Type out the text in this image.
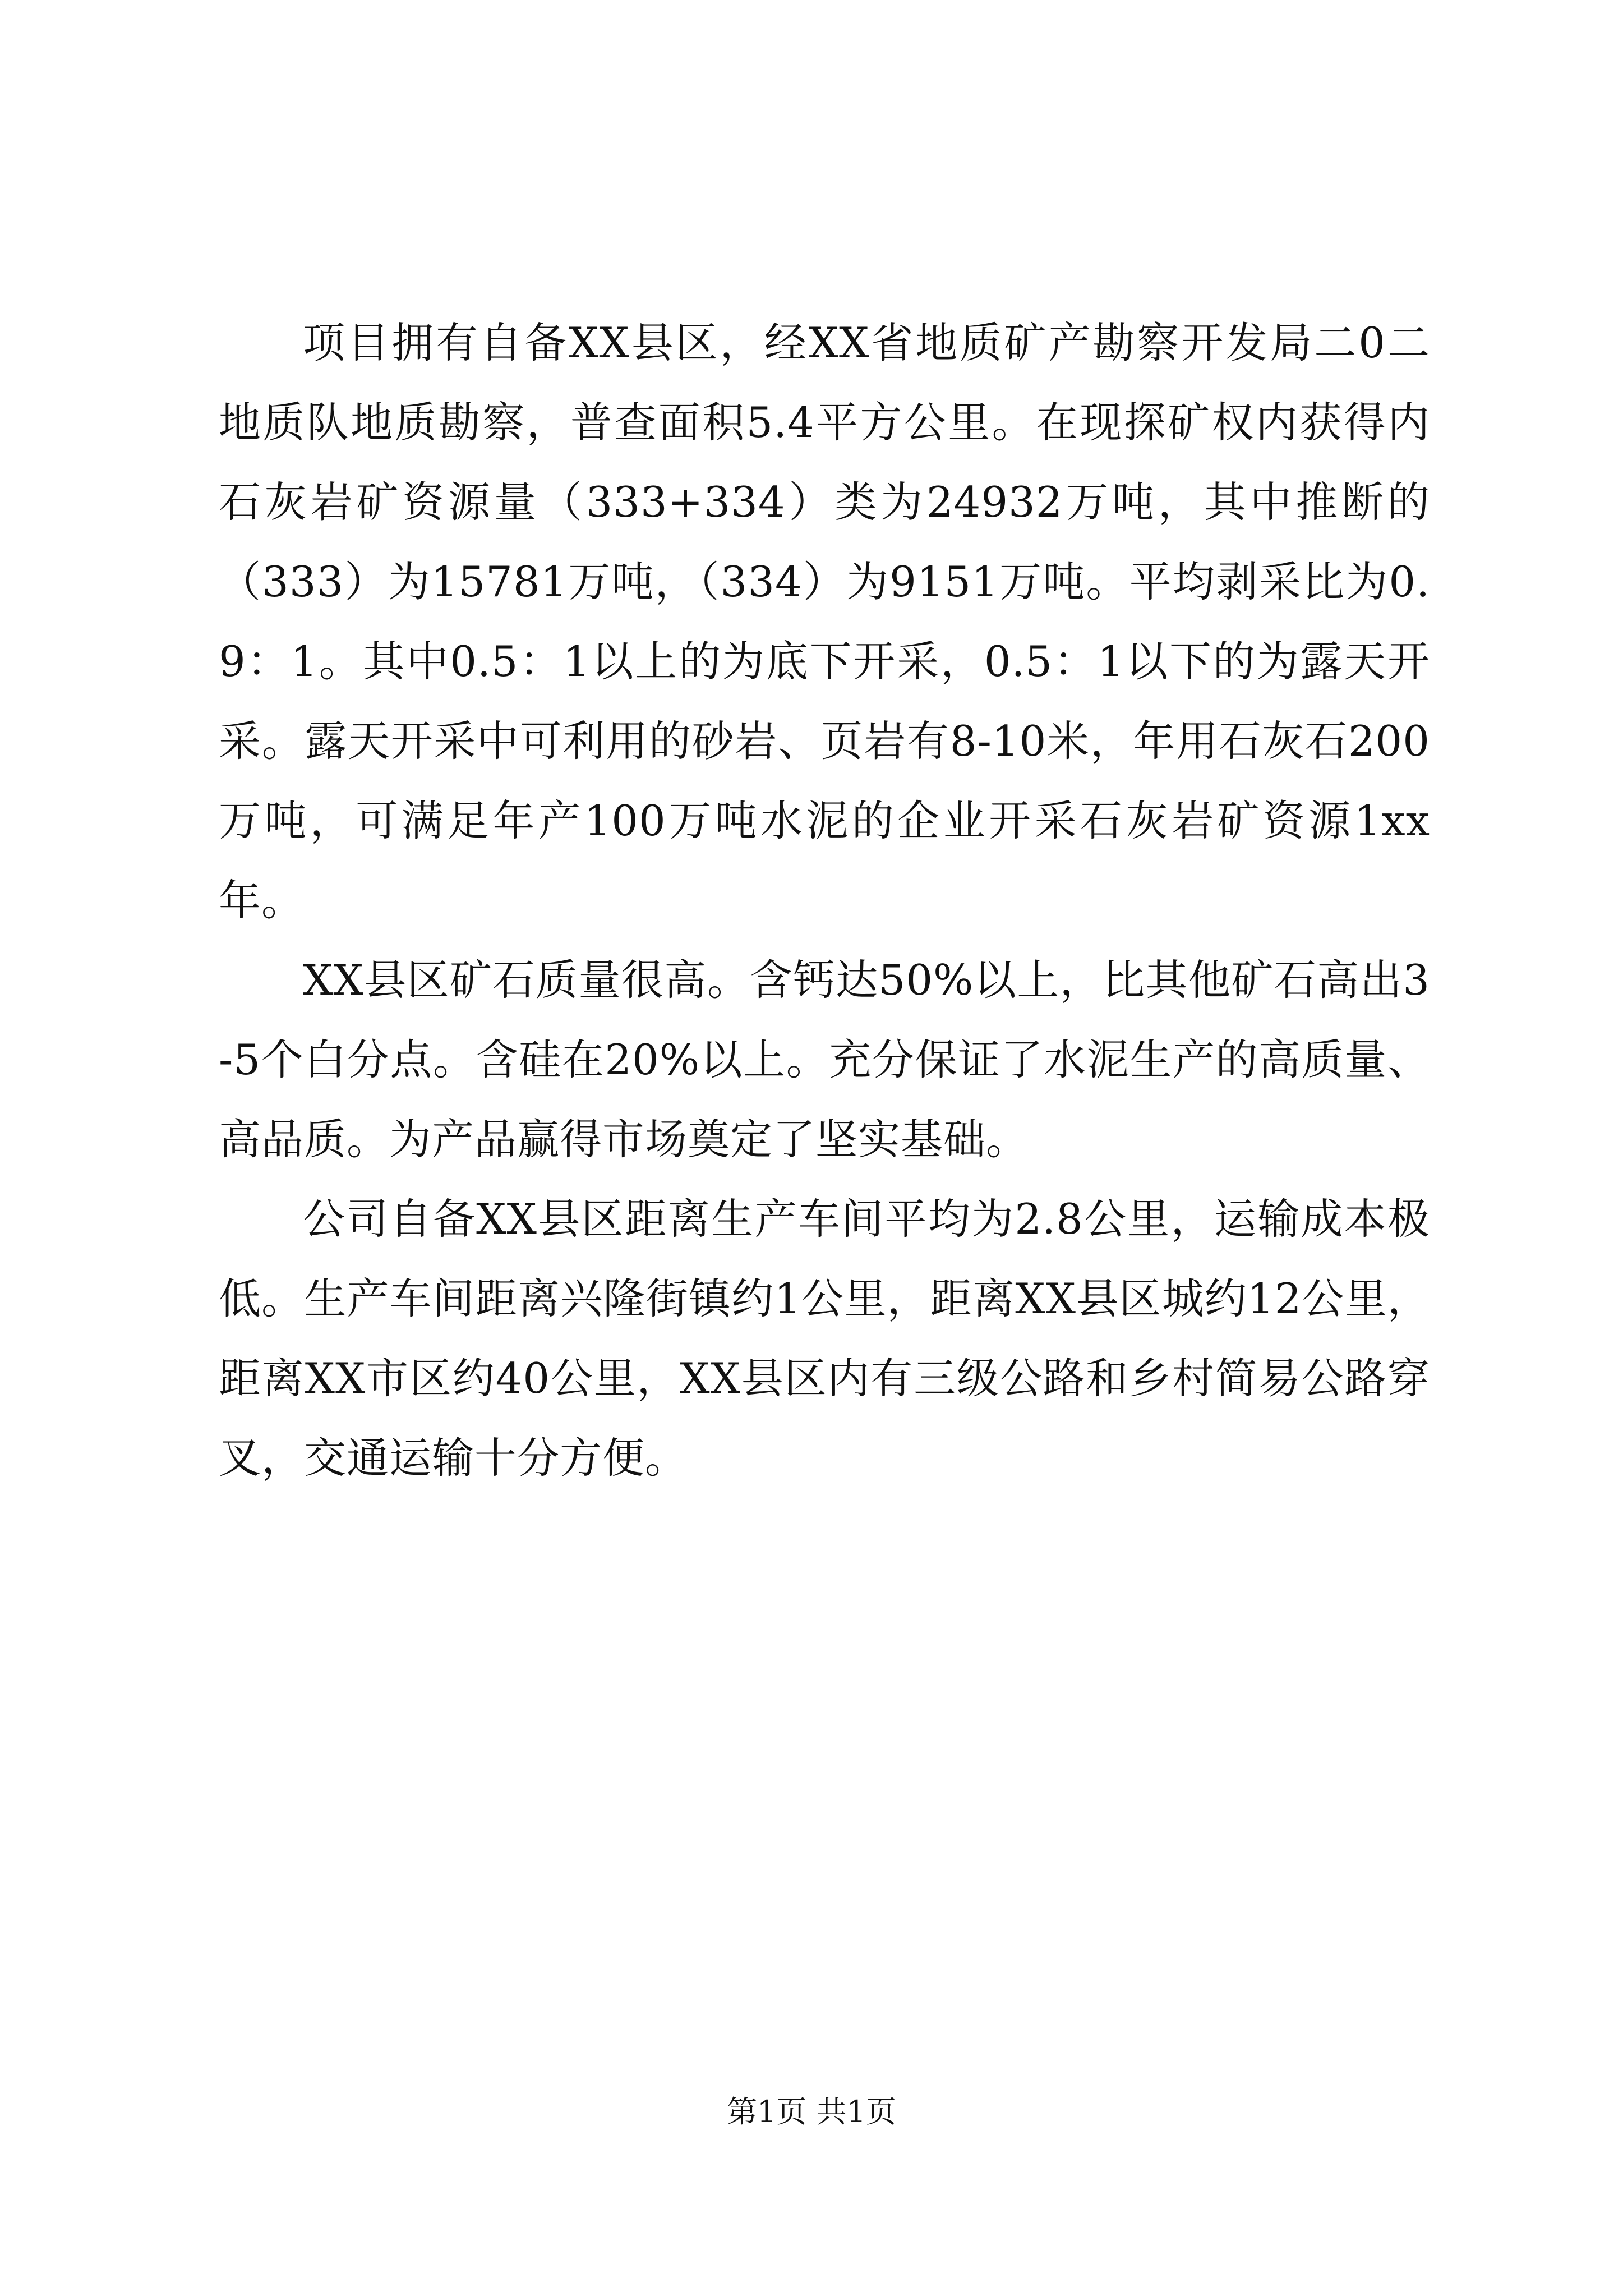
项目拥有自备XX县区，经XX省地质矿产勘察开发局二0二地质队地质勘察，普查面积5.4平方公里。在现探矿权内获得内石灰岩矿资源量（333+334）类为24932万吨，其中推断的（333）为15781万吨，（334）为9151万吨。平均剥采比为0.9：1。其中0.5：1以上的为底下开采，0.5：1以下的为露天开采。露天开采中可利用的砂岩、页岩有8-10米，年用石灰石200万吨，可满足年产100万吨水泥的企业开采石灰岩矿资源1xx年。

XX县区矿石质量很高。含钙达50%以上，比其他矿石高出3-5个白分点。含硅在20%以上。充分保证了水泥生产的高质量、高品质。为产品赢得市场奠定了坚实基础。

公司自备XX县区距离生产车间平均为2.8公里，运输成本极低。生产车间距离兴隆街镇约1公里，距离XX县区城约12公里，距离XX市区约40公里，XX县区内有三级公路和乡村简易公路穿叉，交通运输十分方便。

第1页 共1页
